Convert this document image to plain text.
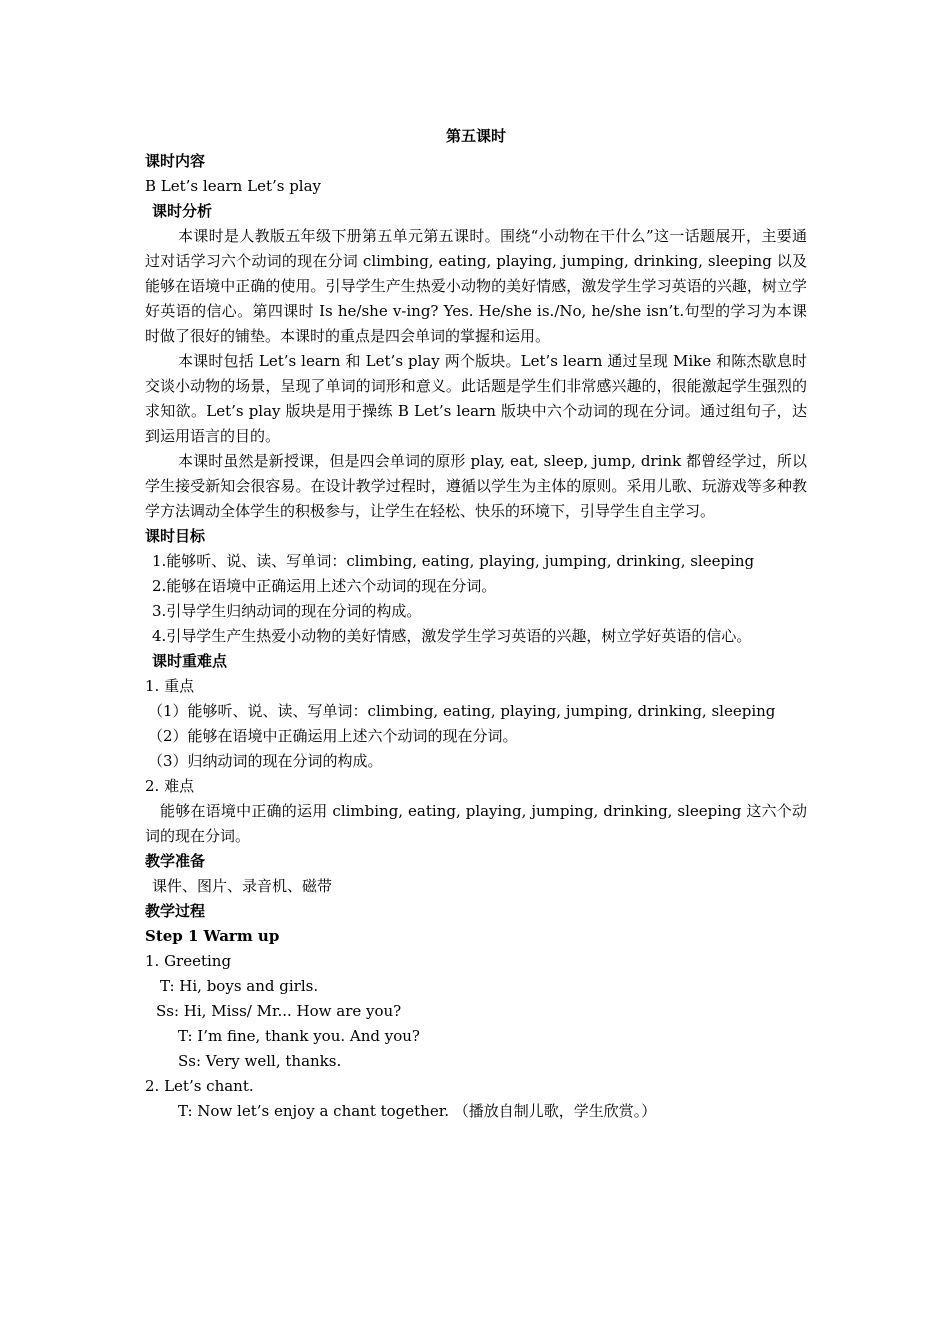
第五课时
课时内容
B Let’s learn Let’s play
课时分析
本课时是人教版五年级下册第五单元第五课时。围绕“小动物在干什么”这一话题展开，主要通过对话学习六个动词的现在分词 climbing, eating, playing, jumping, drinking, sleeping 以及能够在语境中正确的使用。引导学生产生热爱小动物的美好情感，激发学生学习英语的兴趣，树立学好英语的信心。第四课时 Is he/she v-ing? Yes. He/she is./No, he/she isn’t.句型的学习为本课时做了很好的铺垫。本课时的重点是四会单词的掌握和运用。
本课时包括 Let’s learn 和 Let’s play 两个版块。Let’s learn 通过呈现 Mike 和陈杰歇息时交谈小动物的场景，呈现了单词的词形和意义。此话题是学生们非常感兴趣的，很能激起学生强烈的求知欲。Let’s play 版块是用于操练 B Let’s learn 版块中六个动词的现在分词。通过组句子，达到运用语言的目的。
本课时虽然是新授课，但是四会单词的原形 play, eat, sleep, jump, drink 都曾经学过，所以学生接受新知会很容易。在设计教学过程时，遵循以学生为主体的原则。采用儿歌、玩游戏等多种教学方法调动全体学生的积极参与，让学生在轻松、快乐的环境下，引导学生自主学习。
课时目标
1.能够听、说、读、写单词：climbing, eating, playing, jumping, drinking, sleeping
2.能够在语境中正确运用上述六个动词的现在分词。
3.引导学生归纳动词的现在分词的构成。
4.引导学生产生热爱小动物的美好情感，激发学生学习英语的兴趣，树立学好英语的信心。
课时重难点
1. 重点
（1）能够听、说、读、写单词：climbing, eating, playing, jumping, drinking, sleeping
（2）能够在语境中正确运用上述六个动词的现在分词。
（3）归纳动词的现在分词的构成。
2. 难点
能够在语境中正确的运用 climbing, eating, playing, jumping, drinking, sleeping 这六个动词的现在分词。
教学准备
课件、图片、录音机、磁带
教学过程
Step 1 Warm up
1. Greeting
T: Hi, boys and girls.
Ss: Hi, Miss/ Mr... How are you?
T: I’m fine, thank you. And you?
Ss: Very well, thanks.
2. Let’s chant.
T: Now let’s enjoy a chant together. （播放自制儿歌，学生欣赏。）
